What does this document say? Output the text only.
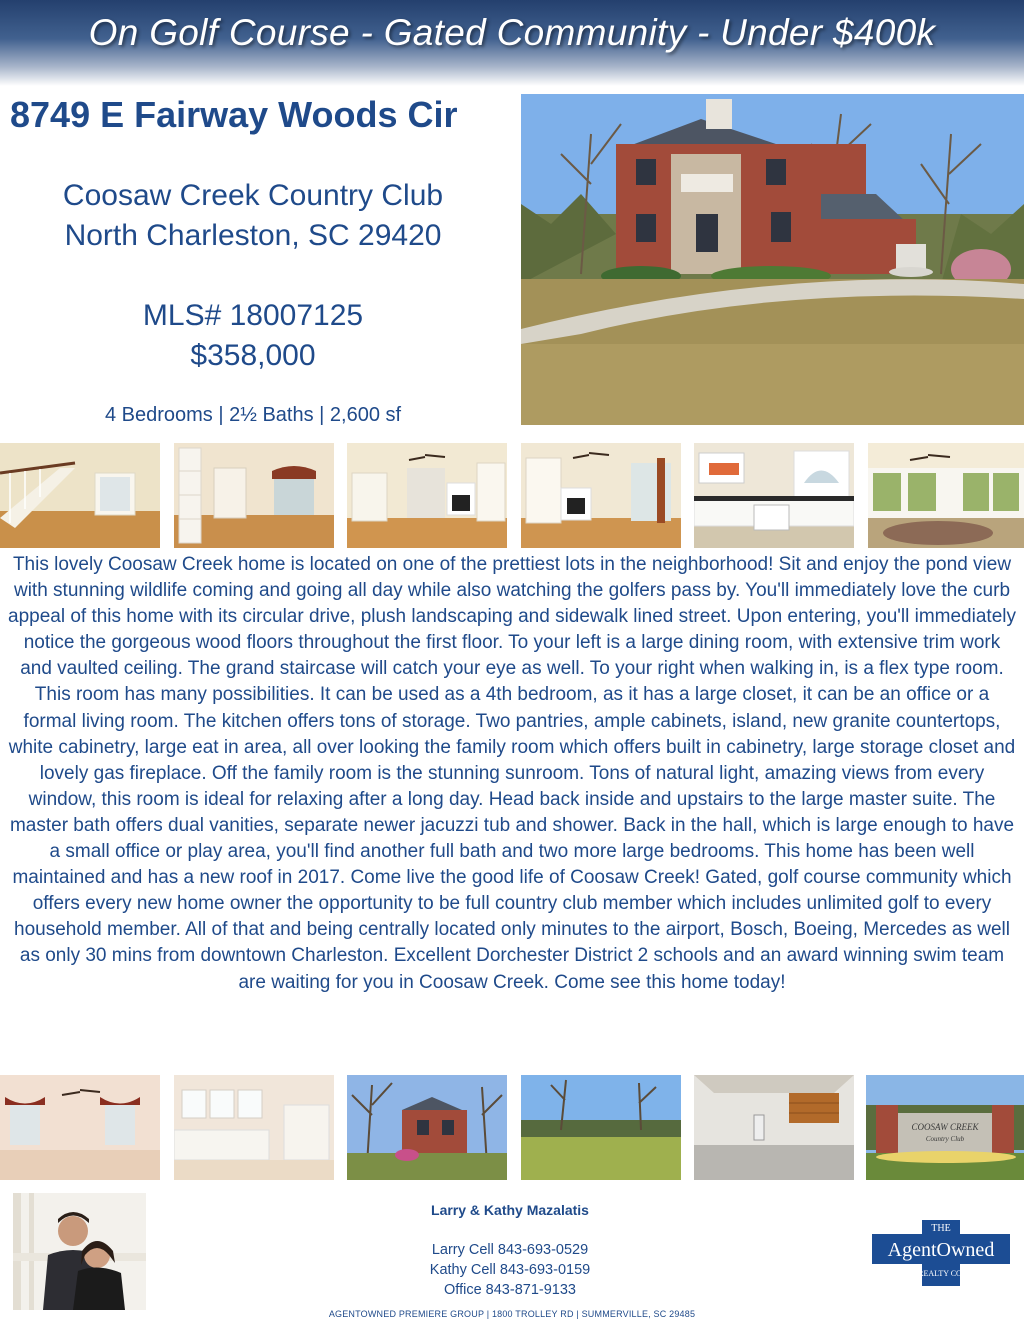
On Golf Course - Gated Community - Under $400k
8749 E Fairway Woods Cir
Coosaw Creek Country Club
North Charleston, SC 29420
MLS# 18007125
$358,000
4 Bedrooms | 2½ Baths | 2,600 sf
This lovely Coosaw Creek home is located on one of the prettiest lots in the neighborhood! Sit and enjoy the pond view with stunning wildlife coming and going all day while also watching the golfers pass by. You'll immediately love the curb appeal of this home with its circular drive, plush landscaping and sidewalk lined street. Upon entering, you'll immediately notice the gorgeous wood floors throughout the first floor. To your left is a large dining room, with extensive trim work and vaulted ceiling. The grand staircase will catch your eye as well. To your right when walking in, is a flex type room. This room has many possibilities. It can be used as a 4th bedroom, as it has a large closet, it can be an office or a formal living room. The kitchen offers tons of storage. Two pantries, ample cabinets, island, new granite countertops, white cabinetry, large eat in area, all over looking the family room which offers built in cabinetry, large storage closet and lovely gas fireplace. Off the family room is the stunning sunroom. Tons of natural light, amazing views from every window, this room is ideal for relaxing after a long day. Head back inside and upstairs to the large master suite. The master bath offers dual vanities, separate newer jacuzzi tub and shower. Back in the hall, which is large enough to have a small office or play area, you'll find another full bath and two more large bedrooms. This home has been well maintained and has a new roof in 2017. Come live the good life of Coosaw Creek! Gated, golf course community which offers every new home owner the opportunity to be full country club member which includes unlimited golf to every household member. All of that and being centrally located only minutes to the airport, Bosch, Boeing, Mercedes as well as only 30 mins from downtown Charleston. Excellent Dorchester District 2 schools and an award winning swim team are waiting for you in Coosaw Creek. Come see this home today!
COOSAW CREEK
Country Club
Larry & Kathy Mazalatis
Larry Cell 843-693-0529
Kathy Cell 843-693-0159
Office 843-871-9133
THE
AgentOwned
REALTY CO.
AGENTOWNED PREMIERE GROUP | 1800 TROLLEY RD | SUMMERVILLE, SC 29485
